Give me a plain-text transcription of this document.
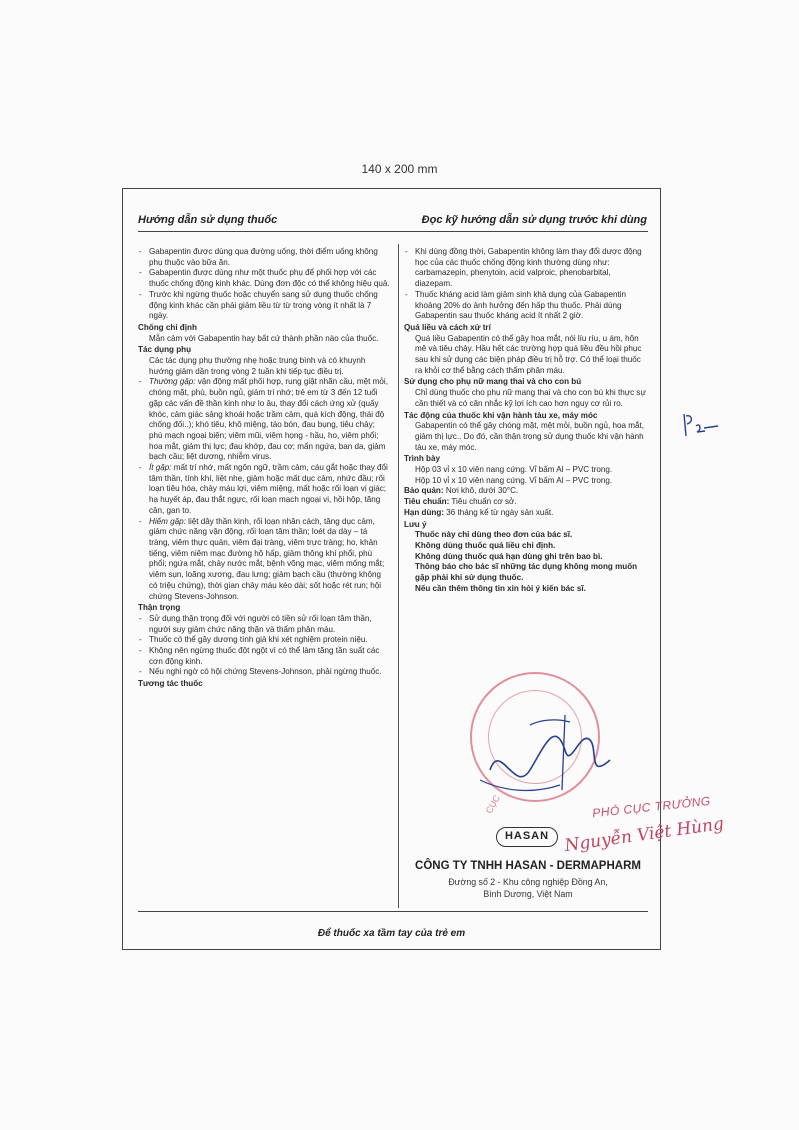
140 x 200 mm
Hướng dẫn sử dụng thuốc	Đọc kỹ hướng dẫn sử dụng trước khi dùng
- Gabapentin được dùng qua đường uống, thời điểm uống không phụ thuộc vào bữa ăn.
- Gabapentin được dùng như một thuốc phụ để phối hợp với các thuốc chống động kinh khác. Dùng đơn độc có thể không hiệu quả.
- Trước khi ngừng thuốc hoặc chuyển sang sử dụng thuốc chống động kinh khác cần phải giảm liều từ từ trong vòng ít nhất là 7 ngày.
Chống chỉ định
Mẫn cảm với Gabapentin hay bất cứ thành phần nào của thuốc.
Tác dụng phụ
Các tác dụng phụ thường nhẹ hoặc trung bình và có khuynh hướng giảm dần trong vòng 2 tuần khi tiếp tục điều trị.
- Thường gặp: vận động mất phối hợp, rung giật nhãn cầu, mệt mỏi, chóng mặt, phù, buồn ngủ, giảm trí nhớ; trẻ em từ 3 đến 12 tuổi gặp các vấn đề thần kinh như lo âu, thay đổi cách ứng xử (quấy khóc, cảm giác sảng khoái hoặc trầm cảm, quá kích động, thái độ chống đối..); khó tiêu, khô miệng, táo bón, đau bụng, tiêu chảy; phù mạch ngoại biên; viêm mũi, viêm họng - hầu, ho, viêm phổi; hoa mắt, giảm thị lực; đau khớp, đau cơ; mẩn ngứa, ban da, giảm bạch cầu; liệt dương, nhiễm virus.
- Ít gặp: mất trí nhớ, mất ngôn ngữ, trầm cảm, cáu gắt hoặc thay đổi tâm thần, tính khí, liệt nhẹ, giảm hoặc mất dục cảm, nhức đầu; rối loạn tiêu hóa, chảy máu lợi, viêm miệng, mất hoặc rối loạn vị giác; hạ huyết áp, đau thắt ngực, rối loạn mạch ngoại vi, hồi hộp, tăng cân, gan to.
- Hiếm gặp: liệt dây thần kinh, rối loạn nhân cách, tăng dục cảm, giảm chức năng vận động, rối loạn tâm thần; loét da dày – tá tràng, viêm thực quản, viêm đại tràng, viêm trực tràng; ho, khản tiếng, viêm niêm mạc đường hô hấp, giảm thông khí phổi, phù phổi; ngứa mắt, chảy nước mắt, bệnh võng mạc, viêm mống mắt; viêm sụn, loãng xương, đau lưng; giảm bạch cầu (thường không có triệu chứng), thời gian chảy máu kéo dài; sốt hoặc rét run; hội chứng Stevens-Johnson.
Thận trọng
- Sử dụng thận trọng đối với người có tiền sử rối loạn tâm thần, người suy giảm chức năng thận và thẩm phân máu.
- Thuốc có thể gây dương tính giả khi xét nghiệm protein niệu.
- Không nên ngừng thuốc đột ngột vì có thể làm tăng tần suất các cơn động kinh.
- Nếu nghi ngờ có hội chứng Stevens-Johnson, phải ngừng thuốc.
Tương tác thuốc
- Khi dùng đồng thời, Gabapentin không làm thay đổi dược động học của các thuốc chống động kinh thường dùng như: carbamazepin, phenytoin, acid valproic, phenobarbital, diazepam.
- Thuốc kháng acid làm giảm sinh khả dụng của Gabapentin khoảng 20% do ảnh hưởng đến hấp thu thuốc. Phải dùng Gabapentin sau thuốc kháng acid ít nhất 2 giờ.
Quá liều và cách xử trí
Quá liều Gabapentin có thể gây hoa mắt, nói líu ríu, u ám, hôn mê và tiêu chảy. Hầu hết các trường hợp quá liều đều hồi phục sau khi sử dụng các biện pháp điều trị hỗ trợ. Có thể loại thuốc ra khỏi cơ thể bằng cách thẩm phân máu.
Sử dụng cho phụ nữ mang thai và cho con bú
Chỉ dùng thuốc cho phụ nữ mang thai và cho con bú khi thực sự cần thiết và có cân nhắc kỹ lợi ích cao hơn nguy cơ rủi ro.
Tác động của thuốc khi vận hành tàu xe, máy móc
Gabapentin có thể gây chóng mặt, mệt mỏi, buồn ngủ, hoa mắt, giảm thị lực.. Do đó, cần thận trọng sử dụng thuốc khi vận hành tàu xe, máy móc.
Trình bày
Hộp 03 vỉ x 10 viên nang cứng. Vỉ bấm Al – PVC trong.
Hộp 10 vỉ x 10 viên nang cứng. Vỉ bấm Al – PVC trong.
Bảo quản: Nơi khô, dưới 30°C.
Tiêu chuẩn: Tiêu chuẩn cơ sở.
Hạn dùng: 36 tháng kể từ ngày sản xuất.
Lưu ý
Thuốc này chỉ dùng theo đơn của bác sĩ.
Không dùng thuốc quá liều chỉ định.
Không dùng thuốc quá hạn dùng ghi trên bao bì.
Thông báo cho bác sĩ những tác dụng không mong muốn gặp phải khi sử dụng thuốc.
Nếu cần thêm thông tin xin hỏi ý kiến bác sĩ.
CỤC	PHÓ CỤC TRƯỞNG
Nguyễn Việt Hùng
HASAN
CÔNG TY TNHH HASAN - DERMAPHARM
Đường số 2 - Khu công nghiệp Đồng An,
Bình Dương, Việt Nam
Để thuốc xa tầm tay của trẻ em
